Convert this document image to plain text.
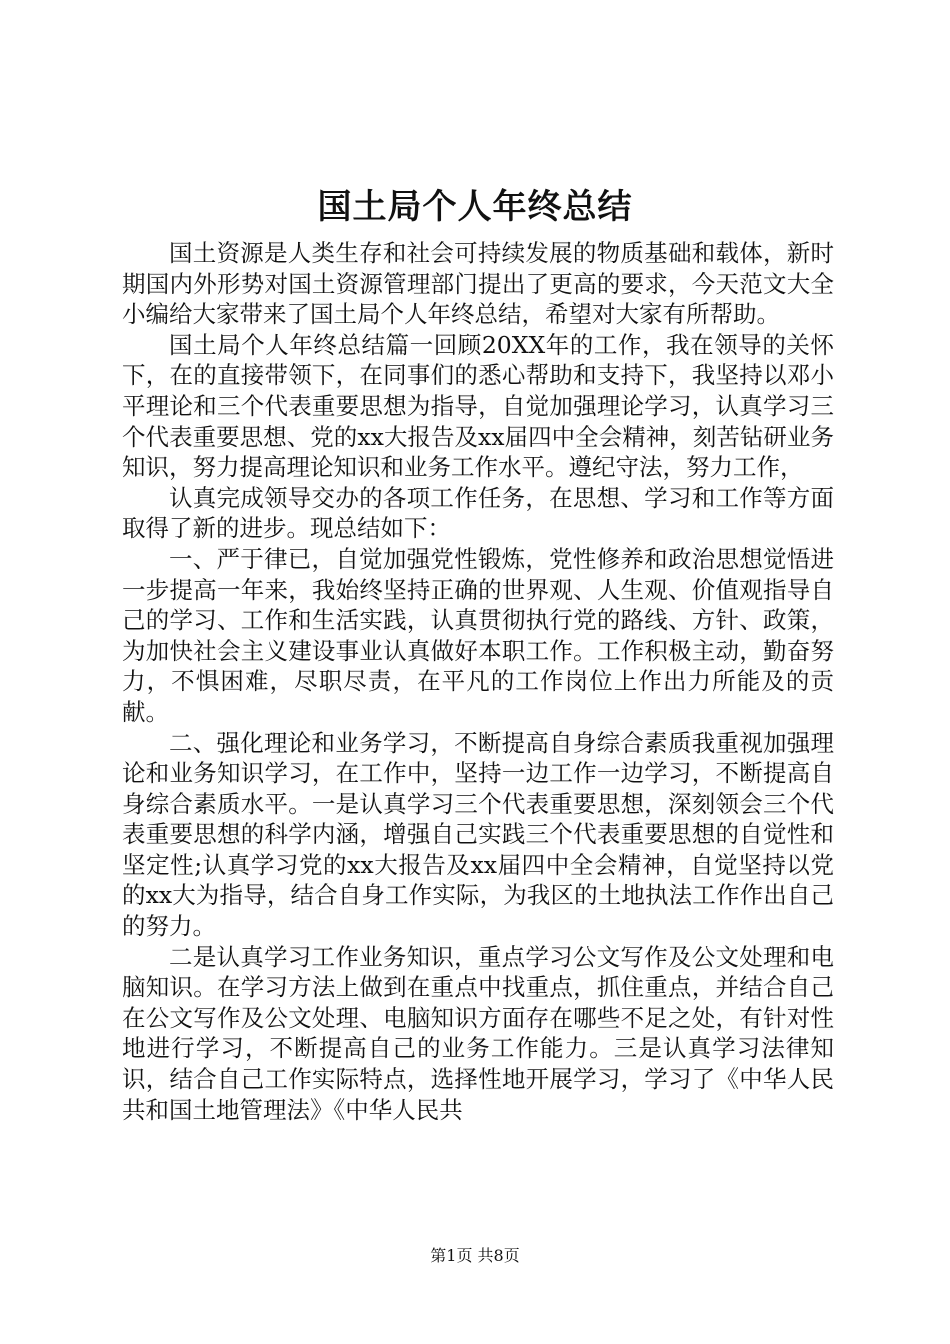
国土局个人年终总结

国土资源是人类生存和社会可持续发展的物质基础和载体，新时期国内外形势对国土资源管理部门提出了更高的要求，今天范文大全小编给大家带来了国土局个人年终总结，希望对大家有所帮助。

国土局个人年终总结篇一回顾20XX年的工作，我在领导的关怀下，在的直接带领下，在同事们的悉心帮助和支持下，我坚持以邓小平理论和三个代表重要思想为指导，自觉加强理论学习，认真学习三个代表重要思想、党的xx大报告及xx届四中全会精神，刻苦钻研业务知识，努力提高理论知识和业务工作水平。遵纪守法，努力工作，

认真完成领导交办的各项工作任务，在思想、学习和工作等方面取得了新的进步。现总结如下：

一、严于律已，自觉加强党性锻炼，党性修养和政治思想觉悟进一步提高一年来，我始终坚持正确的世界观、人生观、价值观指导自己的学习、工作和生活实践，认真贯彻执行党的路线、方针、政策，为加快社会主义建设事业认真做好本职工作。工作积极主动，勤奋努力，不惧困难，尽职尽责，在平凡的工作岗位上作出力所能及的贡献。

二、强化理论和业务学习，不断提高自身综合素质我重视加强理论和业务知识学习，在工作中，坚持一边工作一边学习，不断提高自身综合素质水平。一是认真学习三个代表重要思想，深刻领会三个代表重要思想的科学内涵，增强自己实践三个代表重要思想的自觉性和坚定性;认真学习党的xx大报告及xx届四中全会精神，自觉坚持以党的xx大为指导，结合自身工作实际，为我区的土地执法工作作出自己的努力。

二是认真学习工作业务知识，重点学习公文写作及公文处理和电脑知识。在学习方法上做到在重点中找重点，抓住重点，并结合自己在公文写作及公文处理、电脑知识方面存在哪些不足之处，有针对性地进行学习，不断提高自己的业务工作能力。三是认真学习法律知识，结合自己工作实际特点，选择性地开展学习，学习了《中华人民共和国土地管理法》《中华人民共

第1页 共8页
